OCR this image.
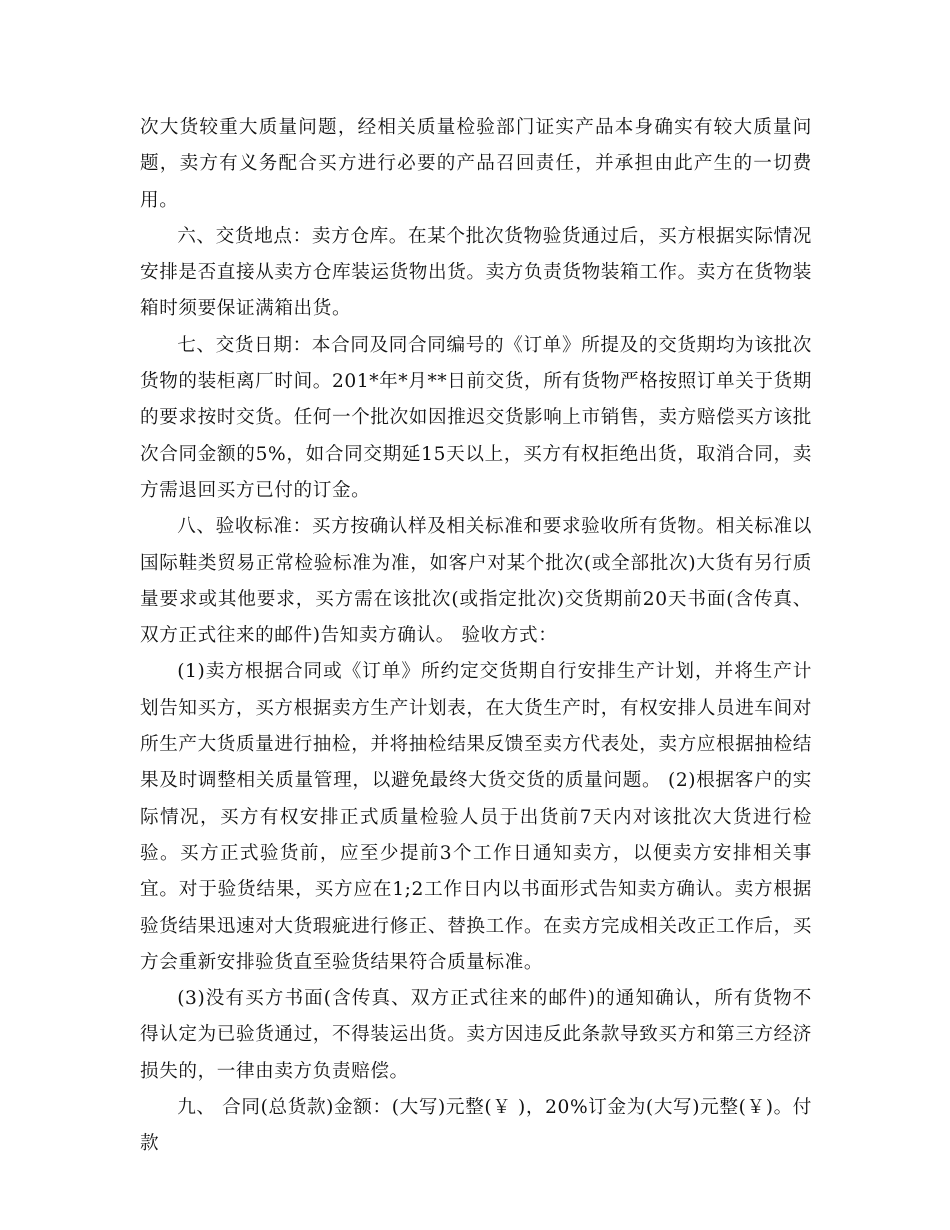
次大货较重大质量问题，经相关质量检验部门证实产品本身确实有较大质量问题，卖方有义务配合买方进行必要的产品召回责任，并承担由此产生的一切费用。

六、交货地点：卖方仓库。在某个批次货物验货通过后，买方根据实际情况安排是否直接从卖方仓库装运货物出货。卖方负责货物装箱工作。卖方在货物装箱时须要保证满箱出货。

七、交货日期：本合同及同合同编号的《订单》所提及的交货期均为该批次货物的装柜离厂时间。201*年*月**日前交货，所有货物严格按照订单关于货期的要求按时交货。任何一个批次如因推迟交货影响上市销售，卖方赔偿买方该批次合同金额的5%，如合同交期延15天以上，买方有权拒绝出货，取消合同，卖方需退回买方已付的订金。

八、验收标准：买方按确认样及相关标准和要求验收所有货物。相关标准以国际鞋类贸易正常检验标准为准，如客户对某个批次(或全部批次)大货有另行质量要求或其他要求，买方需在该批次(或指定批次)交货期前20天书面(含传真、双方正式往来的邮件)告知卖方确认。 验收方式：

(1)卖方根据合同或《订单》所约定交货期自行安排生产计划，并将生产计划告知买方，买方根据卖方生产计划表，在大货生产时，有权安排人员进车间对所生产大货质量进行抽检，并将抽检结果反馈至卖方代表处，卖方应根据抽检结果及时调整相关质量管理，以避免最终大货交货的质量问题。 (2)根据客户的实际情况，买方有权安排正式质量检验人员于出货前7天内对该批次大货进行检验。买方正式验货前，应至少提前3个工作日通知卖方，以便卖方安排相关事宜。对于验货结果，买方应在1;2工作日内以书面形式告知卖方确认。卖方根据验货结果迅速对大货瑕疵进行修正、替换工作。在卖方完成相关改正工作后，买方会重新安排验货直至验货结果符合质量标准。

(3)没有买方书面(含传真、双方正式往来的邮件)的通知确认，所有货物不得认定为已验货通过，不得装运出货。卖方因违反此条款导致买方和第三方经济损失的，一律由卖方负责赔偿。

九、 合同(总货款)金额：(大写)元整(￥ )，20%订金为(大写)元整(￥)。付款
